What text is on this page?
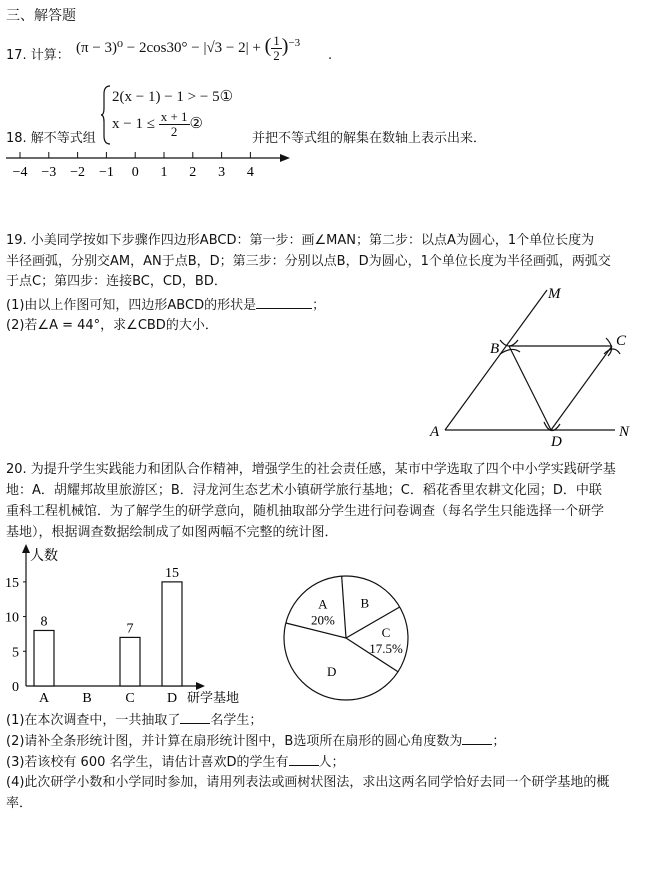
三、解答题
17. 计算： (π − 3)⁰ − 2cos30° − |√3 − 2| + ( $\frac{1}{2} )^{-3}$
.
18. 解不等式组
2(x − 1) − 1 > − 5①
$x - 1 \le \frac{x + 1}{2}$ ②
并把不等式组的解集在数轴上表示出来．
−4 −3 −2 −1 0 1 2 3 4
19. 小美同学按如下步骤作四边形ABCD：第一步：画∠MAN；第二步：以点A为圆心，1个单位长度为
半径画弧，分别交AM，AN于点B，D；第三步：分别以点B，D为圆心，1个单位长度为半径画弧，两弧交
于点C；第四步：连接BC，CD，BD．
(1)由以上作图可知，四边形ABCD的形状是	；
(2)若∠A = 44°，求∠CBD的大小．
M
B	C
A
D
N
20. 为提升学生实践能力和团队合作精神，增强学生的社会责任感，某市中学选取了四个中小学实践研学基
地：A．胡耀邦故里旅游区；B．浔龙河生态艺术小镇研学旅行基地；C．稻花香里农耕文化园；D．中联
重科工程机械馆．为了解学生的研学意向，随机抽取部分学生进行问卷调查（每名学生只能选择一个研学
基地），根据调查数据绘制成了如图两幅不完整的统计图．
人数
研学基地
0
5
10
15
8
A B
7
C
15
D
A
20%
B
C
17.5%
D
(1)在本次调查中，一共抽取了 名学生；
(2)请补全条形统计图，并计算在扇形统计图中，B选项所在扇形的圆心角度数为 ；
(3)若该校有 600 名学生，请估计喜欢D的学生有 人；
(4)此次研学小数和小学同时参加，请用列表法或画树状图法，求出这两名同学恰好去同一个研学基地的概
率．
